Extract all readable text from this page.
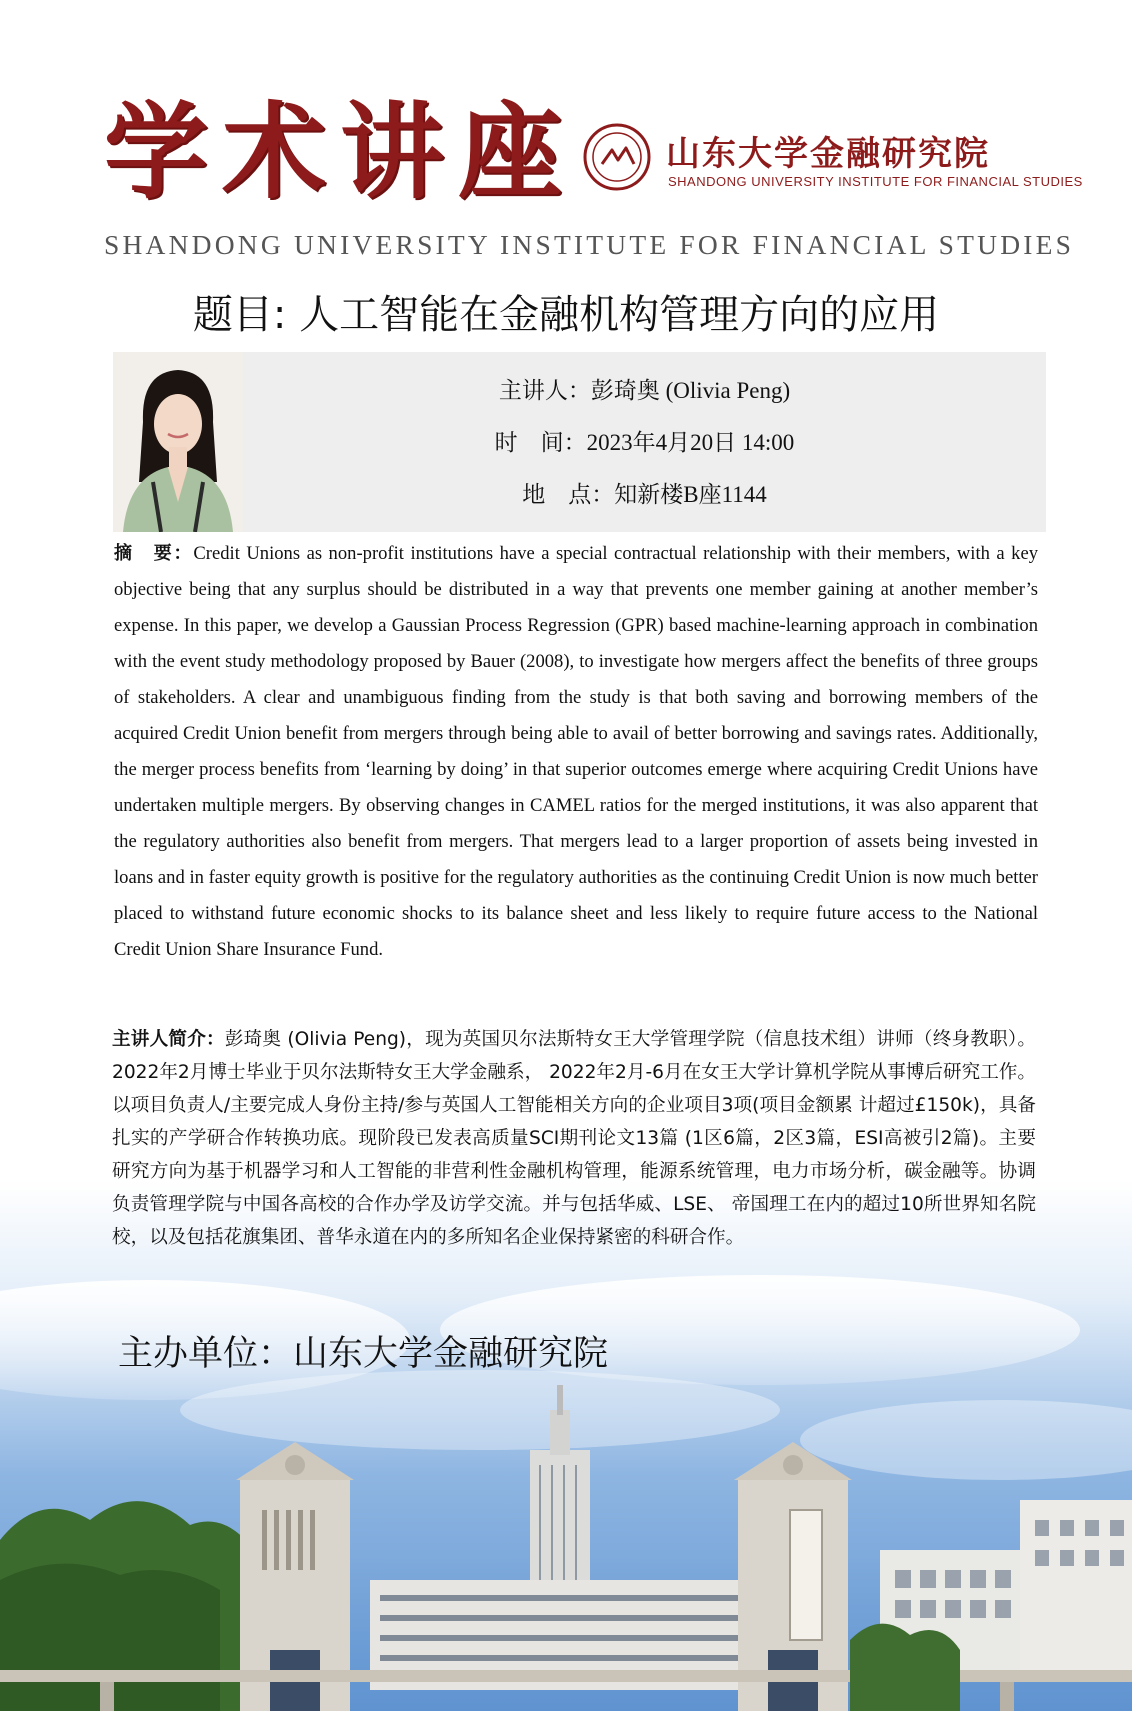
学术讲座	山东大学金融研究院
SHANDONG UNIVERSITY INSTITUTE FOR FINANCIAL STUDIES
SHANDONG UNIVERSITY INSTITUTE FOR FINANCIAL STUDIES
题目: 人工智能在金融机构管理方向的应用
主讲人：彭琦奥 (Olivia Peng)
时　间：2023年4月20日 14:00
地　点：知新楼B座1144
摘　要：Credit Unions as non-profit institutions have a special contractual relationship with their members, with a key objective being that any surplus should be distributed in a way that prevents one member gaining at another member’s expense. In this paper, we develop a Gaussian Process Regression (GPR) based machine-learning approach in combination with the event study methodology proposed by Bauer (2008), to investigate how mergers affect the benefits of three groups of stakeholders. A clear and unambiguous finding from the study is that both saving and borrowing members of the acquired Credit Union benefit from mergers through being able to avail of better borrowing and savings rates. Additionally, the merger process benefits from ‘learning by doing’ in that superior outcomes emerge where acquiring Credit Unions have undertaken multiple mergers. By observing changes in CAMEL ratios for the merged institutions, it was also apparent that the regulatory authorities also benefit from mergers. That mergers lead to a larger proportion of assets being invested in loans and in faster equity growth is positive for the regulatory authorities as the continuing Credit Union is now much better placed to withstand future economic shocks to its balance sheet and less likely to require future access to the National Credit Union Share Insurance Fund.
主讲人简介：彭琦奥 (Olivia Peng)，现为英国贝尔法斯特女王大学管理学院（信息技术组）讲师（终身教职）。2022年2月博士毕业于贝尔法斯特女王大学金融系， 2022年2月-6月在女王大学计算机学院从事博后研究工作。以项目负责人/主要完成人身份主持/参与英国人工智能相关方向的企业项目3项(项目金额累 计超过£150k)，具备扎实的产学研合作转换功底。现阶段已发表高质量SCI期刊论文13篇 (1区6篇，2区3篇，ESI高被引2篇)。主要研究方向为基于机器学习和人工智能的非营利性金融机构管理，能源系统管理，电力市场分析，碳金融等。协调负责管理学院与中国各高校的合作办学及访学交流。并与包括华威、LSE、 帝国理工在内的超过10所世界知名院校，以及包括花旗集团、普华永道在内的多所知名企业保持紧密的科研合作。
主办单位：山东大学金融研究院
